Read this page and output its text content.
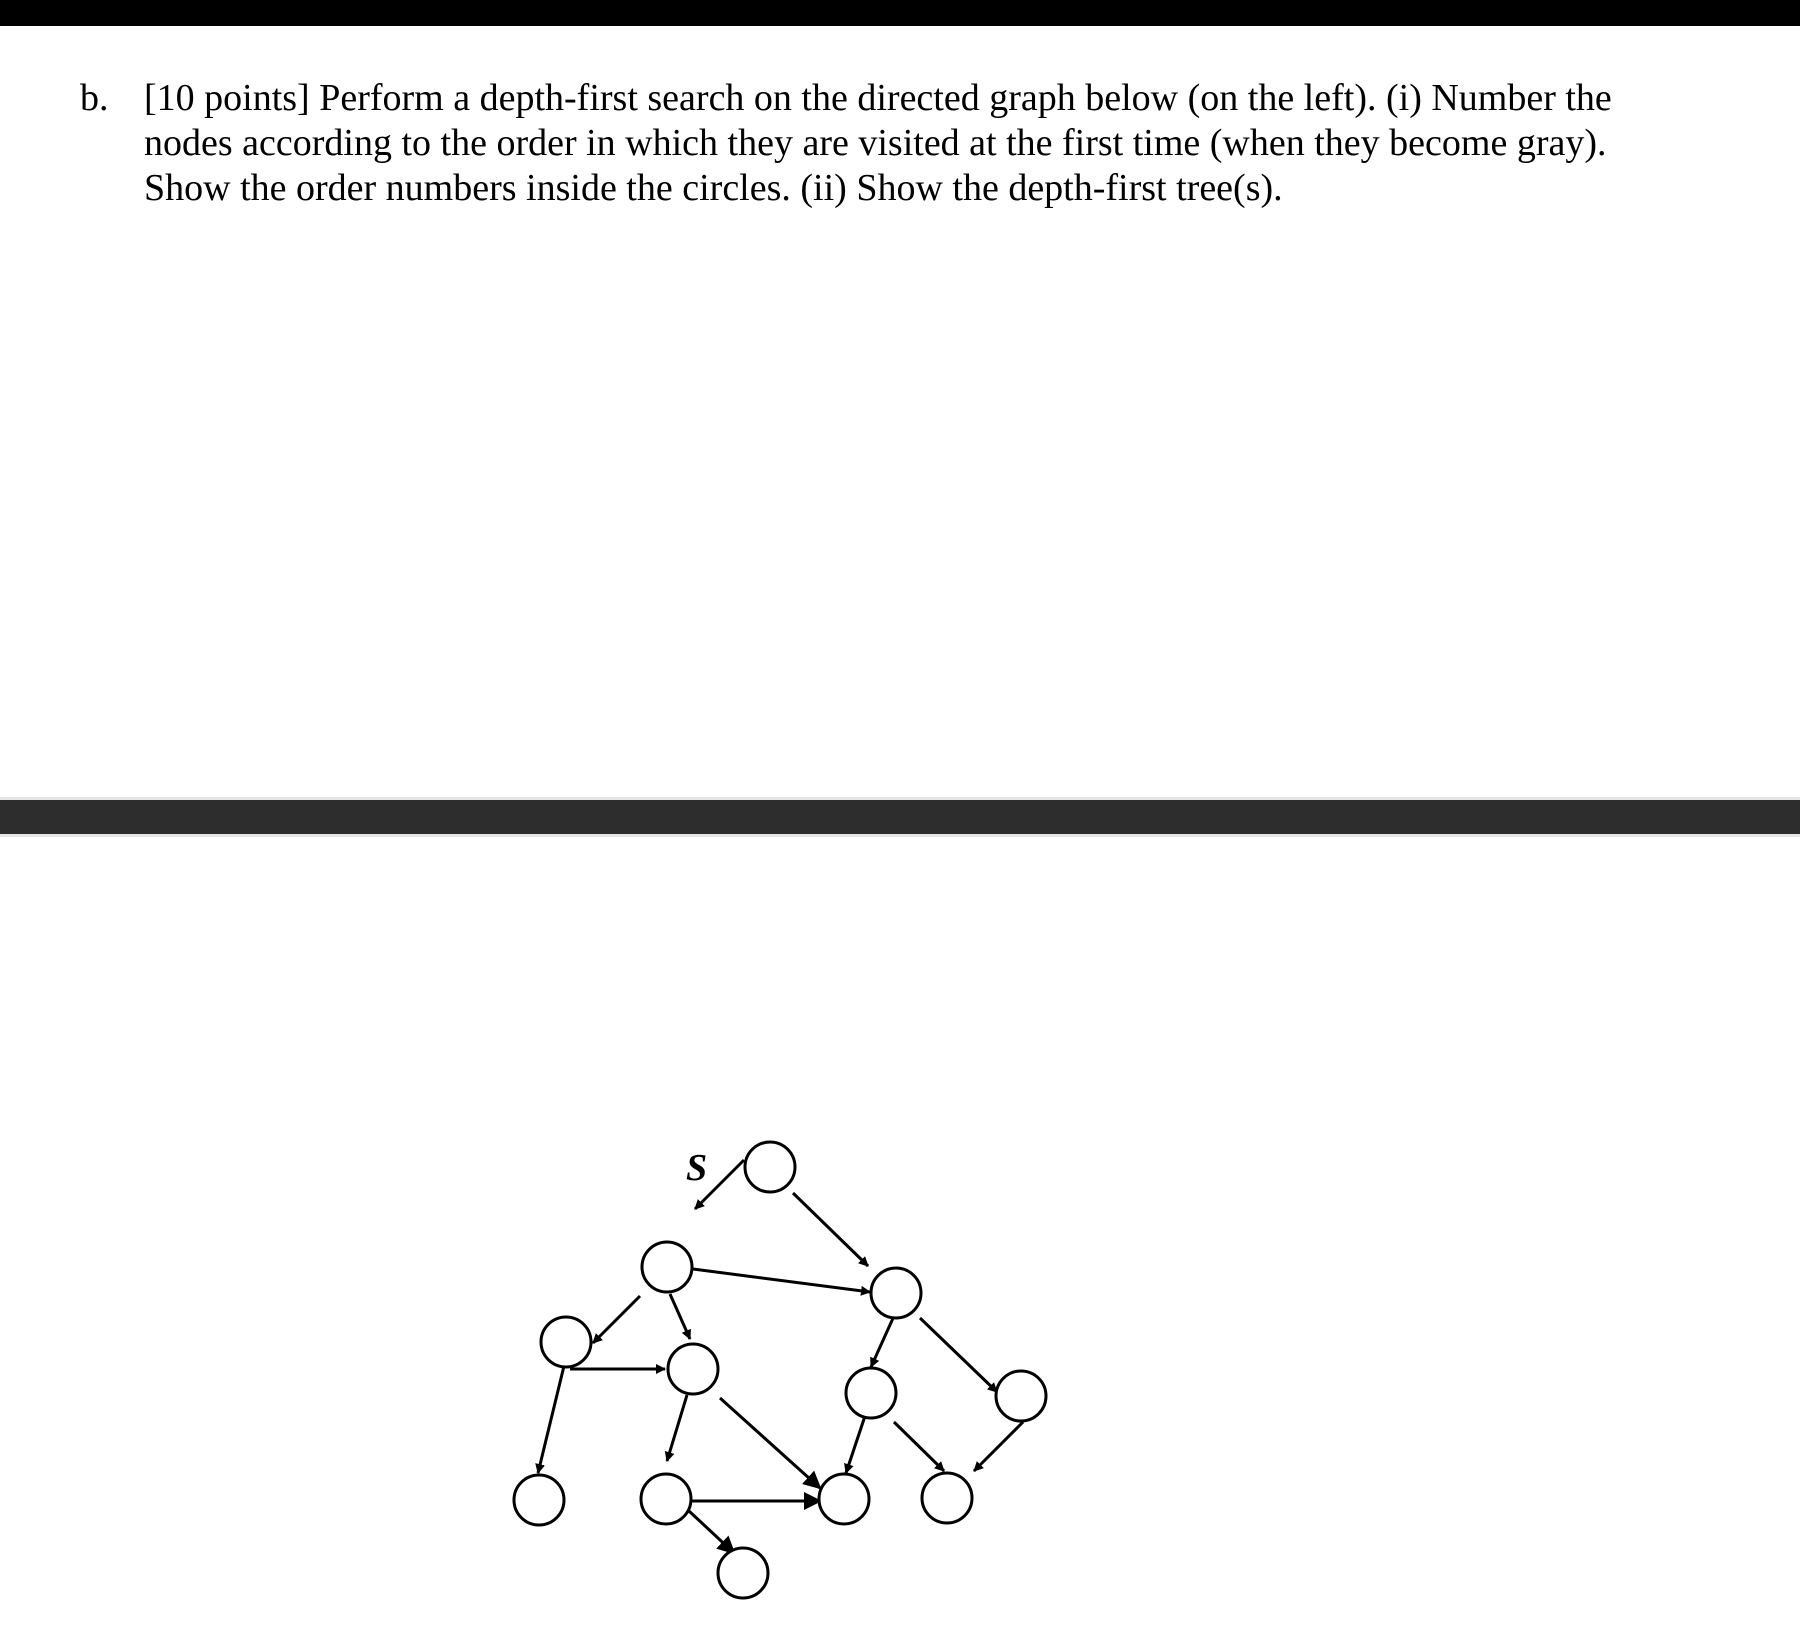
b. [10 points] Perform a depth-first search on the directed graph below (on the left). (i) Number the nodes according to the order in which they are visited at the first time (when they become gray). Show the order numbers inside the circles. (ii) Show the depth-first tree(s).
S
